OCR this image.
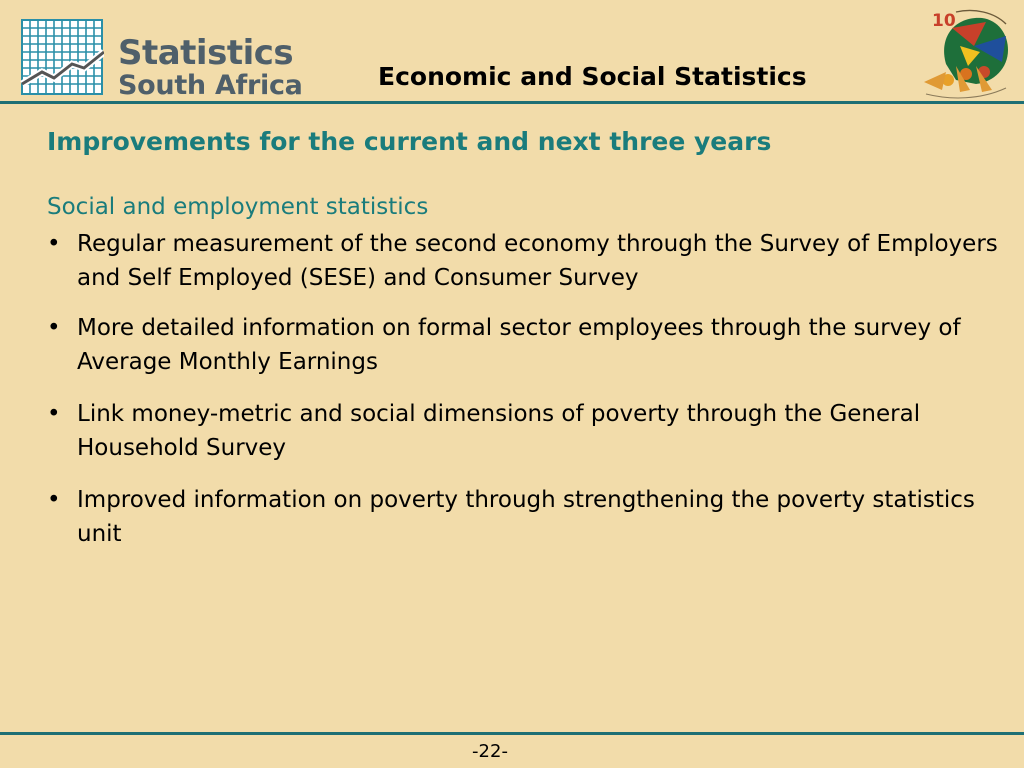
Statistics
South Africa	Economic and Social Statistics
10
Improvements for the current and next three years
Social and employment statistics
• Regular measurement of the second economy through the Survey of Employers and Self Employed (SESE) and Consumer Survey
• More detailed information on formal sector employees through the survey of Average Monthly Earnings
• Link money-metric and social dimensions of poverty through the General Household Survey
• Improved information on poverty through strengthening the poverty statistics unit
-22-
